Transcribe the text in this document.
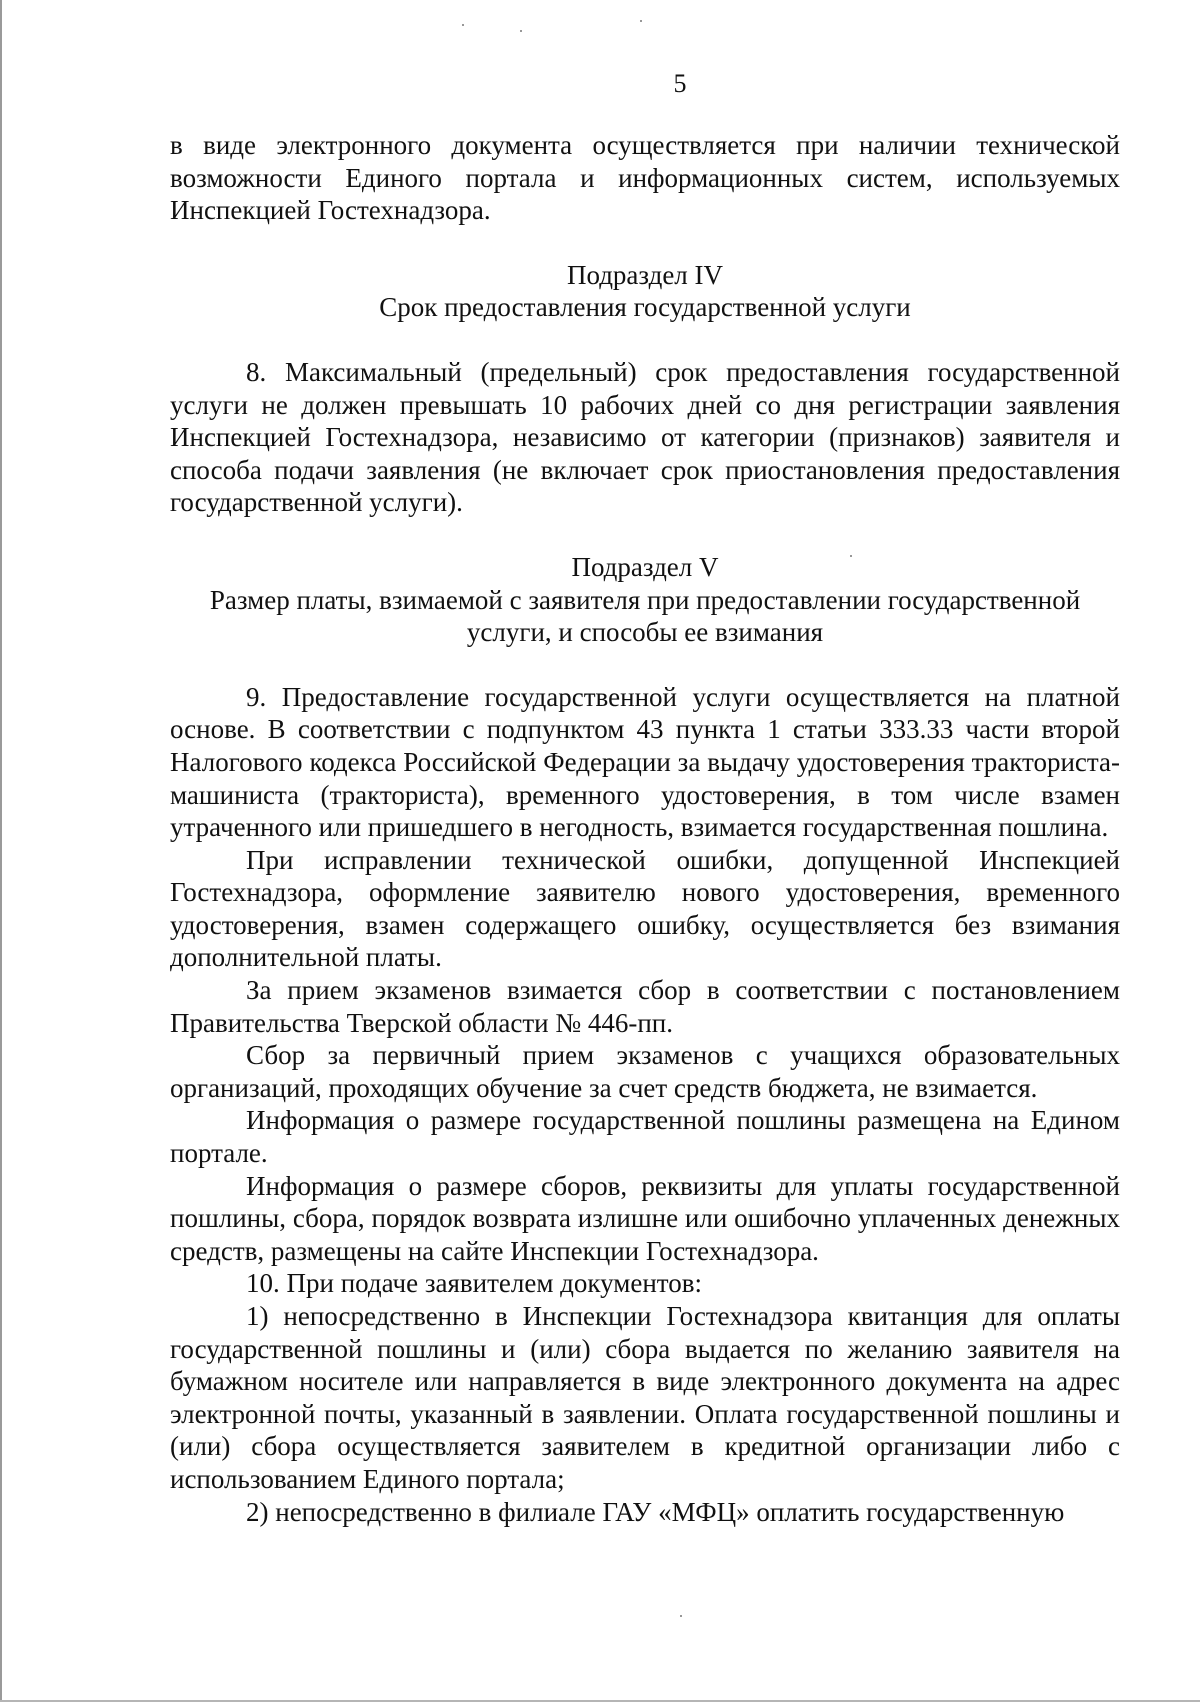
5

в виде электронного документа осуществляется при наличии технической возможности Единого портала и информационных систем, используемых Инспекцией Гостехнадзора.

Подраздел IV

Срок предоставления государственной услуги

8. Максимальный (предельный) срок предоставления государственной услуги не должен превышать 10 рабочих дней со дня регистрации заявления Инспекцией Гостехнадзора, независимо от категории (признаков) заявителя и способа подачи заявления (не включает срок приостановления предоставления государственной услуги).

Подраздел V

Размер платы, взимаемой с заявителя при предоставлении государственной

услуги, и способы ее взимания

9. Предоставление государственной услуги осуществляется на платной основе. В соответствии с подпунктом 43 пункта 1 статьи 333.33 части второй Налогового кодекса Российской Федерации за выдачу удостоверения тракториста-машиниста (тракториста), временного удостоверения, в том числе взамен утраченного или пришедшего в негодность, взимается государственная пошлина.

При исправлении технической ошибки, допущенной Инспекцией Гостехнадзора, оформление заявителю нового удостоверения, временного удостоверения, взамен содержащего ошибку, осуществляется без взимания дополнительной платы.

За прием экзаменов взимается сбор в соответствии с постановлением Правительства Тверской области № 446-пп.

Сбор за первичный прием экзаменов с учащихся образовательных организаций, проходящих обучение за счет средств бюджета, не взимается.

Информация о размере государственной пошлины размещена на Едином портале.

Информация о размере сборов, реквизиты для уплаты государственной пошлины, сбора, порядок возврата излишне или ошибочно уплаченных денежных средств, размещены на сайте Инспекции Гостехнадзора.

10. При подаче заявителем документов:

1) непосредственно в Инспекции Гостехнадзора квитанция для оплаты государственной пошлины и (или) сбора выдается по желанию заявителя на бумажном носителе или направляется в виде электронного документа на адрес электронной почты, указанный в заявлении. Оплата государственной пошлины и (или) сбора осуществляется заявителем в кредитной организации либо с использованием Единого портала;

2) непосредственно в филиале ГАУ «МФЦ» оплатить государственную
